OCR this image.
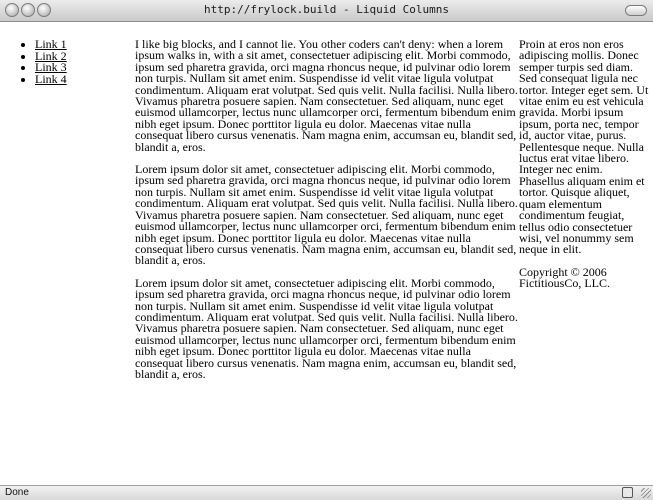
http://frylock.build - Liquid Columns
• Link 1
• Link 2
• Link 3
• Link 4

I like big blocks, and I cannot lie. You other coders can't deny: when a lorem ipsum walks in, with a sit amet, consectetuer adipiscing elit. Morbi commodo, ipsum sed pharetra gravida, orci magna rhoncus neque, id pulvinar odio lorem non turpis. Nullam sit amet enim. Suspendisse id velit vitae ligula volutpat condimentum. Aliquam erat volutpat. Sed quis velit. Nulla facilisi. Nulla libero. Vivamus pharetra posuere sapien. Nam consectetuer. Sed aliquam, nunc eget euismod ullamcorper, lectus nunc ullamcorper orci, fermentum bibendum enim nibh eget ipsum. Donec porttitor ligula eu dolor. Maecenas vitae nulla consequat libero cursus venenatis. Nam magna enim, accumsan eu, blandit sed, blandit a, eros.

Lorem ipsum dolor sit amet, consectetuer adipiscing elit. Morbi commodo, ipsum sed pharetra gravida, orci magna rhoncus neque, id pulvinar odio lorem non turpis. Nullam sit amet enim. Suspendisse id velit vitae ligula volutpat condimentum. Aliquam erat volutpat. Sed quis velit. Nulla facilisi. Nulla libero. Vivamus pharetra posuere sapien. Nam consectetuer. Sed aliquam, nunc eget euismod ullamcorper, lectus nunc ullamcorper orci, fermentum bibendum enim nibh eget ipsum. Donec porttitor ligula eu dolor. Maecenas vitae nulla consequat libero cursus venenatis. Nam magna enim, accumsan eu, blandit sed, blandit a, eros.

Lorem ipsum dolor sit amet, consectetuer adipiscing elit. Morbi commodo, ipsum sed pharetra gravida, orci magna rhoncus neque, id pulvinar odio lorem non turpis. Nullam sit amet enim. Suspendisse id velit vitae ligula volutpat condimentum. Aliquam erat volutpat. Sed quis velit. Nulla facilisi. Nulla libero. Vivamus pharetra posuere sapien. Nam consectetuer. Sed aliquam, nunc eget euismod ullamcorper, lectus nunc ullamcorper orci, fermentum bibendum enim nibh eget ipsum. Donec porttitor ligula eu dolor. Maecenas vitae nulla consequat libero cursus venenatis. Nam magna enim, accumsan eu, blandit sed, blandit a, eros.

Proin at eros non eros adipiscing mollis. Donec semper turpis sed diam. Sed consequat ligula nec tortor. Integer eget sem. Ut vitae enim eu est vehicula gravida. Morbi ipsum ipsum, porta nec, tempor id, auctor vitae, purus. Pellentesque neque. Nulla luctus erat vitae libero. Integer nec enim. Phasellus aliquam enim et tortor. Quisque aliquet, quam elementum condimentum feugiat, tellus odio consectetuer wisi, vel nonummy sem neque in elit.

Copyright © 2006 FictitiousCo, LLC.

Done
